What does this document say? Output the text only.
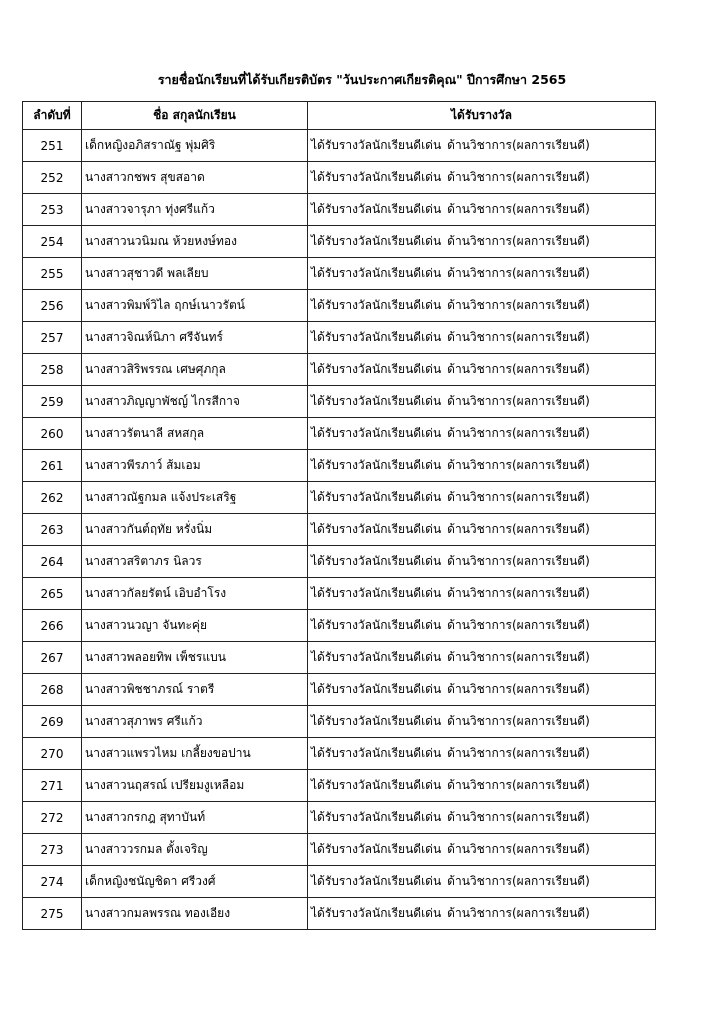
รายชื่อนักเรียนที่ได้รับเกียรติบัตร "วันประกาศเกียรติคุณ" ปีการศึกษา 2565
ลำดับที่	ชื่อ สกุลนักเรียน	ได้รับรางวัล
251	เด็กหญิงอภิสราณัฐ พุ่มศิริ	ได้รับรางวัลนักเรียนดีเด่น ด้านวิชาการ(ผลการเรียนดี)
252	นางสาวกชพร สุขสอาด	ได้รับรางวัลนักเรียนดีเด่น ด้านวิชาการ(ผลการเรียนดี)
253	นางสาวจารุภา ทุ่งศรีแก้ว	ได้รับรางวัลนักเรียนดีเด่น ด้านวิชาการ(ผลการเรียนดี)
254	นางสาวนวนิมณ ห้วยหงษ์ทอง	ได้รับรางวัลนักเรียนดีเด่น ด้านวิชาการ(ผลการเรียนดี)
255	นางสาวสุชาวดี พลเลียบ	ได้รับรางวัลนักเรียนดีเด่น ด้านวิชาการ(ผลการเรียนดี)
256	นางสาวพิมพ์วิไล ฤกษ์เนาวรัตน์	ได้รับรางวัลนักเรียนดีเด่น ด้านวิชาการ(ผลการเรียนดี)
257	นางสาวจิณห์นิภา ศรีจันทร์	ได้รับรางวัลนักเรียนดีเด่น ด้านวิชาการ(ผลการเรียนดี)
258	นางสาวสิริพรรณ เศษศุภกุล	ได้รับรางวัลนักเรียนดีเด่น ด้านวิชาการ(ผลการเรียนดี)
259	นางสาวภิญญาพัชญ์ ไกรสีกาจ	ได้รับรางวัลนักเรียนดีเด่น ด้านวิชาการ(ผลการเรียนดี)
260	นางสาวรัตนาลี สหสกุล	ได้รับรางวัลนักเรียนดีเด่น ด้านวิชาการ(ผลการเรียนดี)
261	นางสาวพีรภาว์ ส้มเอม	ได้รับรางวัลนักเรียนดีเด่น ด้านวิชาการ(ผลการเรียนดี)
262	นางสาวณัฐกมล แจ้งประเสริฐ	ได้รับรางวัลนักเรียนดีเด่น ด้านวิชาการ(ผลการเรียนดี)
263	นางสาวกันต์ฤทัย หรั่งนิ่ม	ได้รับรางวัลนักเรียนดีเด่น ด้านวิชาการ(ผลการเรียนดี)
264	นางสาวสริตาภร นิลวร	ได้รับรางวัลนักเรียนดีเด่น ด้านวิชาการ(ผลการเรียนดี)
265	นางสาวกัลยรัตน์ เอิบอำโรง	ได้รับรางวัลนักเรียนดีเด่น ด้านวิชาการ(ผลการเรียนดี)
266	นางสาวนวญา จันทะคุ่ย	ได้รับรางวัลนักเรียนดีเด่น ด้านวิชาการ(ผลการเรียนดี)
267	นางสาวพลอยทิพ เพ็ชรแบน	ได้รับรางวัลนักเรียนดีเด่น ด้านวิชาการ(ผลการเรียนดี)
268	นางสาวพิชชาภรณ์ ราตรี	ได้รับรางวัลนักเรียนดีเด่น ด้านวิชาการ(ผลการเรียนดี)
269	นางสาวสุภาพร ศรีแก้ว	ได้รับรางวัลนักเรียนดีเด่น ด้านวิชาการ(ผลการเรียนดี)
270	นางสาวแพรวไหม เกลี้ยงขอปาน	ได้รับรางวัลนักเรียนดีเด่น ด้านวิชาการ(ผลการเรียนดี)
271	นางสาวนฤสรณ์ เปรียมงูเหลือม	ได้รับรางวัลนักเรียนดีเด่น ด้านวิชาการ(ผลการเรียนดี)
272	นางสาวกรกฎ สุทาบันท์	ได้รับรางวัลนักเรียนดีเด่น ด้านวิชาการ(ผลการเรียนดี)
273	นางสาววรกมล ตั้งเจริญ	ได้รับรางวัลนักเรียนดีเด่น ด้านวิชาการ(ผลการเรียนดี)
274	เด็กหญิงชนัญชิดา ศรีวงศ์	ได้รับรางวัลนักเรียนดีเด่น ด้านวิชาการ(ผลการเรียนดี)
275	นางสาวกมลพรรณ ทองเอียง	ได้รับรางวัลนักเรียนดีเด่น ด้านวิชาการ(ผลการเรียนดี)
